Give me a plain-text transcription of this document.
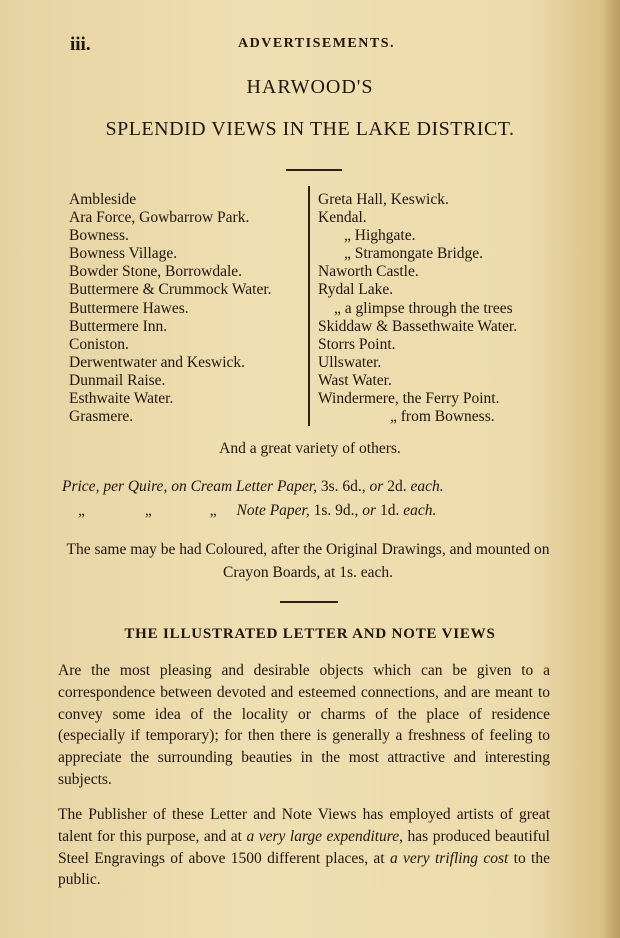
iii.	ADVERTISEMENTS.
HARWOOD'S
SPLENDID VIEWS IN THE LAKE DISTRICT.
Ambleside
Ara Force, Gowbarrow Park.
Bowness.
Bowness Village.
Bowder Stone, Borrowdale.
Buttermere & Crummock Water.
Buttermere Hawes.
Buttermere Inn.
Coniston.
Derwentwater and Keswick.
Dunmail Raise.
Esthwaite Water.
Grasmere.
Greta Hall, Keswick.
Kendal.
„ Highgate.
„ Stramongate Bridge.
Naworth Castle.
Rydal Lake.
„ a glimpse through the trees
Skiddaw & Bassethwaite Water.
Storrs Point.
Ullswater.
Wast Water.
Windermere, the Ferry Point.
„ from Bowness.
And a great variety of others.
Price, per Quire, on Cream Letter Paper, 3s. 6d., or 2d. each.
„	„	„ Note Paper, 1s. 9d., or 1d. each.
The same may be had Coloured, after the Original Drawings, and mounted on Crayon Boards, at 1s. each.
THE ILLUSTRATED LETTER AND NOTE VIEWS

Are the most pleasing and desirable objects which can be given to a correspondence between devoted and esteemed connections, and are meant to convey some idea of the locality or charms of the place of residence (especially if temporary); for then there is generally a freshness of feeling to appreciate the surrounding beauties in the most attractive and interesting subjects.

The Publisher of these Letter and Note Views has employed artists of great talent for this purpose, and at a very large expenditure, has produced beautiful Steel Engravings of above 1500 different places, at a very trifling cost to the public.
